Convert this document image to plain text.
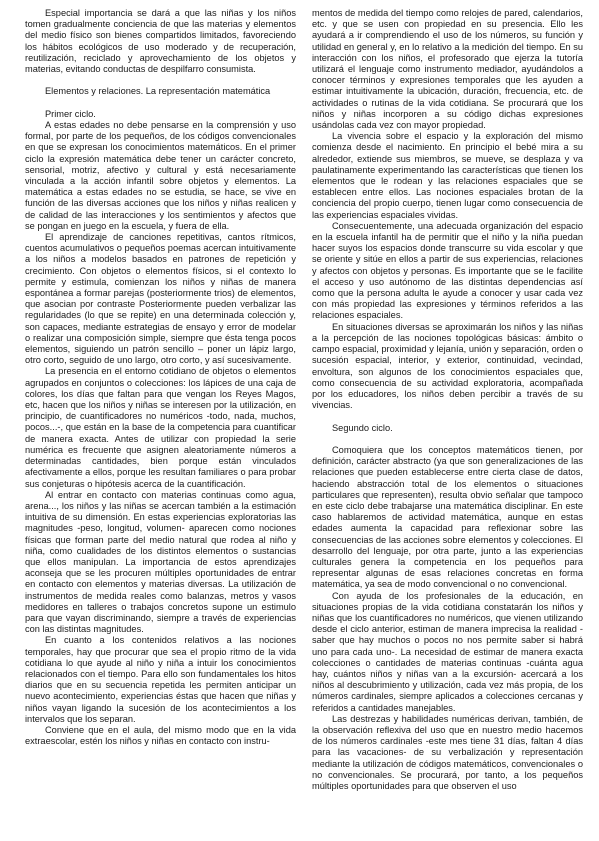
Especial importancia se dará a que las niñas y los niños tomen gradualmente conciencia de que las materias y elementos del medio físico son bienes compartidos limitados, favoreciendo los hábitos ecológicos de uso moderado y de recuperación, reutilización, reciclado y aprovechamiento de los objetos y materias, evitando conductas de despilfarro consumista.

Elementos y relaciones. La representación matemática

Primer ciclo.

A estas edades no debe pensarse en la comprensión y uso formal, por parte de los pequeños, de los códigos convencionales en que se expresan los conocimientos matemáticos. En el primer ciclo la expresión matemática debe tener un carácter concreto, sensorial, motriz, afectivo y cultural y está necesariamente vinculada a la acción infantil sobre objetos y elementos. La matemática a estas edades no se estudia, se hace, se vive en función de las diversas acciones que los niños y niñas realicen y de calidad de las interacciones y los sentimientos y afectos que se pongan en juego en la escuela, y fuera de ella.

El aprendizaje de canciones repetitivas, cantos rítmicos, cuentos acumulativos o pequeños poemas acercan intuitivamente a los niños a modelos basados en patrones de repetición y crecimiento. Con objetos o elementos físicos, si el contexto lo permite y estimula, comienzan los niños y niñas de manera espontánea a formar parejas (posteriormente trios) de elementos, que asocian por contraste Posteriormente pueden verbalizar las regularidades (lo que se repite) en una determinada colección y, son capaces, mediante estrategias de ensayo y error de modelar o realizar una composición simple, siempre que ésta tenga pocos elementos, siguiendo un patrón sencillo – poner un lápiz largo, otro corto, seguido de uno largo, otro corto, y así sucesivamente.

La presencia en el entorno cotidiano de objetos o elementos agrupados en conjuntos o colecciones: los lápices de una caja de colores, los días que faltan para que vengan los Reyes Magos, etc, hacen que los niños y niñas se interesen por la utilización, en principio, de cuantificadores no numéricos -todo, nada, muchos, pocos...-, que están en la base de la competencia para cuantificar de manera exacta. Antes de utilizar con propiedad la serie numérica es frecuente que asignen aleatoriamente números a determinadas cantidades, bien porque están vinculados afectivamente a ellos, porque les resultan familiares o para probar sus conjeturas o hipótesis acerca de la cuantificación.

Al entrar en contacto con materias continuas como agua, arena..., los niños y las niñas se acercan también a la estimación intuitiva de su dimensión. En estas experiencias exploratorias las magnitudes -peso, longitud, volumen- aparecen como nociones físicas que forman parte del medio natural que rodea al niño y niña, como cualidades de los distintos elementos o sustancias que ellos manipulan. La importancia de estos aprendizajes aconseja que se les procuren múltiples oportunidades de entrar en contacto con elementos y materias diversas. La utilización de instrumentos de medida reales como balanzas, metros y vasos medidores en talleres o trabajos concretos supone un estimulo para que vayan discriminando, siempre a través de experiencias con las distintas magnitudes.

En cuanto a los contenidos relativos a las nociones temporales, hay que procurar que sea el propio ritmo de la vida cotidiana lo que ayude al niño y niña a intuir los conocimientos relacionados con el tiempo. Para ello son fundamentales los hitos diarios que en su secuencia repetida les permiten anticipar un nuevo acontecimiento, experiencias éstas que hacen que niñas y niños vayan ligando la sucesión de los acontecimientos a los intervalos que los separan.

Conviene que en el aula, del mismo modo que en la vida extraescolar, estén los niños y niñas en contacto con instru-

mentos de medida del tiempo como relojes de pared, calendarios, etc. y que se usen con propiedad en su presencia. Ello les ayudará a ir comprendiendo el uso de los números, su función y utilidad en general y, en lo relativo a la medición del tiempo. En su interacción con los niños, el profesorado que ejerza la tutoría utilizará el lenguaje como instrumento mediador, ayudándolos a conocer términos y expresiones temporales que les ayuden a estimar intuitivamente la ubicación, duración, frecuencia, etc. de actividades o rutinas de la vida cotidiana. Se procurará que los niños y niñas incorporen a su código dichas expresiones usándolas cada vez con mayor propiedad.

La vivencia sobre el espacio y la exploración del mismo comienza desde el nacimiento. En principio el bebé mira a su alrededor, extiende sus miembros, se mueve, se desplaza y va paulatinamente experimentando las características que tienen los elementos que le rodean y las relaciones espaciales que se establecen entre ellos. Las nociones espaciales brotan de la conciencia del propio cuerpo, tienen lugar como consecuencia de las experiencias espaciales vividas.

Consecuentemente, una adecuada organización del espacio en la escuela infantil ha de permitir que el niño y la niña puedan hacer suyos los espacios donde transcurre su vida escolar y que se oriente y sitúe en ellos a partir de sus experiencias, relaciones y afectos con objetos y personas. Es importante que se le facilite el acceso y uso autónomo de las distintas dependencias así como que la persona adulta le ayude a conocer y usar cada vez con más propiedad las expresiones y términos referidos a las relaciones espaciales.

En situaciones diversas se aproximarán los niños y las niñas a la percepción de las nociones topológicas básicas: ámbito o campo espacial, proximidad y lejanía, unión y separación, orden o sucesión espacial, interior, y exterior, continuidad, vecindad, envoltura, son algunos de los conocimientos espaciales que, como consecuencia de su actividad exploratoria, acompañada por los educadores, los niños deben percibir a través de su vivencias.

Segundo ciclo.

Comoquiera que los conceptos matemáticos tienen, por definición, carácter abstracto (ya que son generalizaciones de las relaciones que pueden establecerse entre cierta clase de datos, haciendo abstracción total de los elementos o situaciones particulares que representen), resulta obvio señalar que tampoco en este ciclo debe trabajarse una matemática disciplinar. En este caso hablaremos de actividad matemática, aunque en estas edades aumenta la capacidad para reflexionar sobre las consecuencias de las acciones sobre elementos y colecciones. El desarrollo del lenguaje, por otra parte, junto a las experiencias culturales genera la competencia en los pequeños para representar algunas de esas relaciones concretas en forma matemática, ya sea de modo convencional o no convencional.

Con ayuda de los profesionales de la educación, en situaciones propias de la vida cotidiana constatarán los niños y niñas que los cuantificadores no numéricos, que vienen utilizando desde el ciclo anterior, estiman de manera imprecisa la realidad -saber que hay muchos o pocos no nos permite saber si habrá uno para cada uno-. La necesidad de estimar de manera exacta colecciones o cantidades de materias continuas -cuánta agua hay, cuántos niños y niñas van a la excursión- acercará a los niños al descubrimiento y utilización, cada vez más propia, de los números cardinales, siempre aplicados a colecciones cercanas y referidos a cantidades manejables.

Las destrezas y habilidades numéricas derivan, también, de la observación reflexiva del uso que en nuestro medio hacemos de los números cardinales -este mes tiene 31 días, faltan 4 días para las vacaciones- de su verbalización y representación mediante la utilización de códigos matemáticos, convencionales o no convencionales. Se procurará, por tanto, a los pequeños múltiples oportunidades para que observen el uso
